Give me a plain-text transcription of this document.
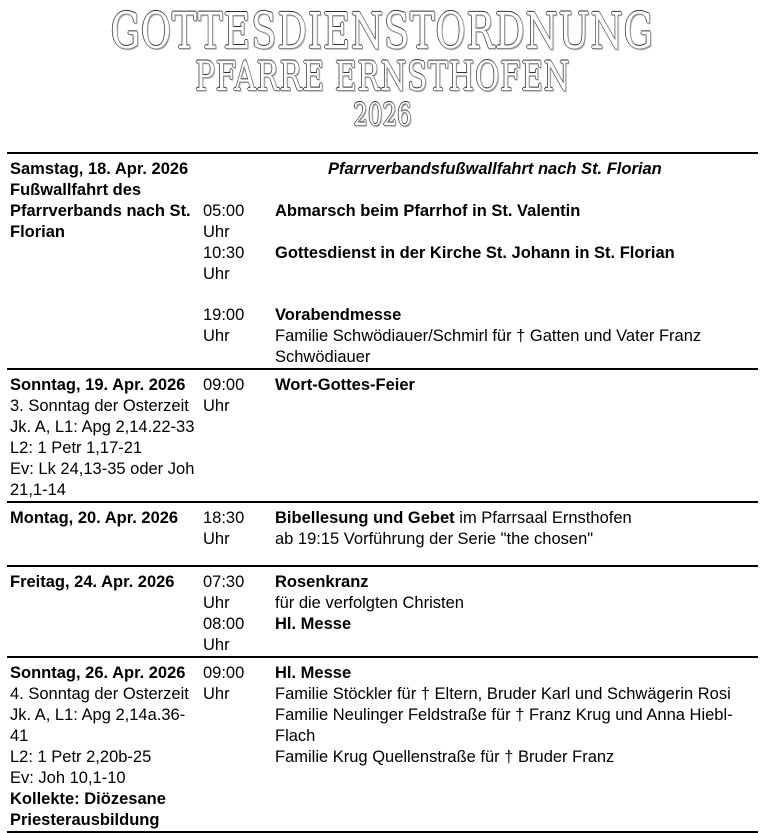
GOTTESDIENSTORDNUNG
PFARRE ERNSTHOFEN
2026
Samstag, 18. Apr. 2026
Fußwallfahrt des Pfarrverbands nach St. Florian
Pfarrverbandsfußwallfahrt nach St. Florian
05:00 Uhr
Abmarsch beim Pfarrhof in St. Valentin
10:30 Uhr
Gottesdienst in der Kirche St. Johann in St. Florian
19:00 Uhr
Vorabendmesse
Familie Schwödiauer/Schmirl für † Gatten und Vater Franz Schwödiauer
Sonntag, 19. Apr. 2026
3. Sonntag der Osterzeit
Jk. A, L1: Apg 2,14.22-33
L2: 1 Petr 1,17-21
Ev: Lk 24,13-35 oder Joh 21,1-14
09:00 Uhr
Wort-Gottes-Feier
Montag, 20. Apr. 2026	18:30 Uhr
Bibellesung und Gebet im Pfarrsaal Ernsthofen
ab 19:15 Vorführung der Serie "the chosen"
Freitag, 24. Apr. 2026	07:30 Uhr
Rosenkranz
für die verfolgten Christen
08:00 Uhr
Hl. Messe
Sonntag, 26. Apr. 2026
4. Sonntag der Osterzeit
Jk. A, L1: Apg 2,14a.36-41
L2: 1 Petr 2,20b-25
Ev: Joh 10,1-10
Kollekte: Diözesane Priesterausbildung
09:00 Uhr
Hl. Messe
Familie Stöckler für † Eltern, Bruder Karl und Schwägerin Rosi
Familie Neulinger Feldstraße für † Franz Krug und Anna Hiebl-Flach
Familie Krug Quellenstraße für † Bruder Franz
